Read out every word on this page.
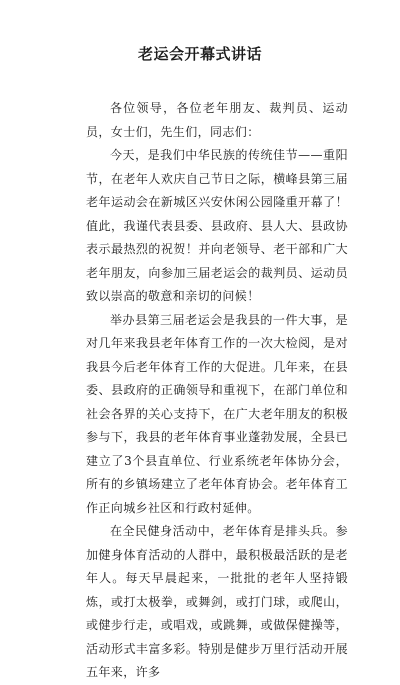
老运会开幕式讲话

各位领导，各位老年朋友、裁判员、运动员，女士们，先生们，同志们：

今天，是我们中华民族的传统佳节——重阳节，在老年人欢庆自己节日之际，横峰县第三届老年运动会在新城区兴安休闲公园隆重开幕了！值此，我谨代表县委、县政府、县人大、县政协表示最热烈的祝贺！并向老领导、老干部和广大老年朋友，向参加三届老运会的裁判员、运动员致以崇高的敬意和亲切的问候！

举办县第三届老运会是我县的一件大事，是对几年来我县老年体育工作的一次大检阅，是对我县今后老年体育工作的大促进。几年来，在县委、县政府的正确领导和重视下，在部门单位和社会各界的关心支持下，在广大老年朋友的积极参与下，我县的老年体育事业蓬勃发展，全县已建立了3个县直单位、行业系统老年体协分会，所有的乡镇场建立了老年体育协会。老年体育工作正向城乡社区和行政村延伸。

在全民健身活动中，老年体育是排头兵。参加健身体育活动的人群中，最积极最活跃的是老年人。每天早晨起来，一批批的老年人坚持锻炼，或打太极拳，或舞剑，或打门球，或爬山，或健步行走，或唱戏，或跳舞，或做保健操等，活动形式丰富多彩。特别是健步万里行活动开展五年来，许多
